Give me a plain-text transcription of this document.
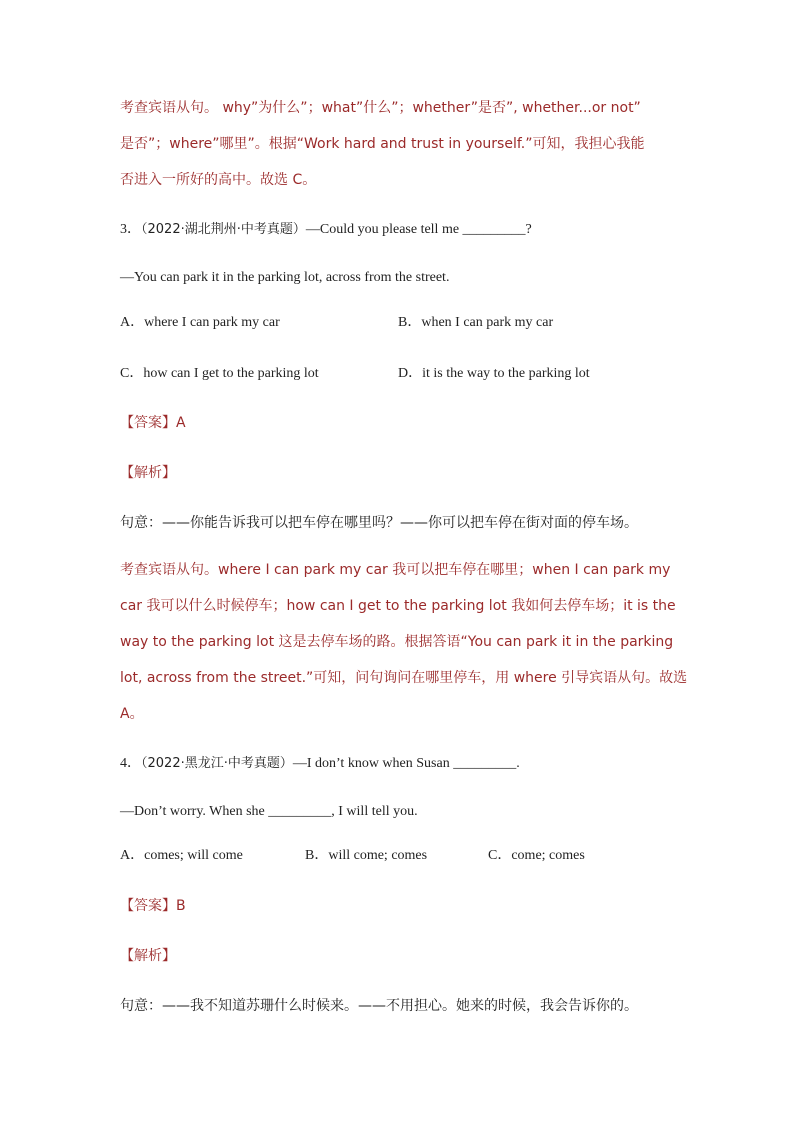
考查宾语从句。 why”为什么”；what”什么”；whether”是否”, whether...or not”

是否”；where”哪里”。根据“Work hard and trust in yourself.”可知，我担心我能

否进入一所好的高中。故选 C。

3．（2022·湖北荆州·中考真题）—Could you please tell me _________?

—You can park it in the parking lot, across from the street.

A．where I can park my car	B．when I can park my car
C．how can I get to the parking lot	D．it is the way to the parking lot

【答案】A

【解析】

句意：——你能告诉我可以把车停在哪里吗？——你可以把车停在街对面的停车场。

考查宾语从句。where I can park my car 我可以把车停在哪里；when I can park my

car 我可以什么时候停车；how can I get to the parking lot 我如何去停车场；it is the

way to the parking lot 这是去停车场的路。根据答语“You can park it in the parking

lot, across from the street.”可知，问句询问在哪里停车，用 where 引导宾语从句。故选

A。

4．（2022·黑龙江·中考真题）—I don’t know when Susan _________.

—Don’t worry. When she _________, I will tell you.

A．comes; will come	B．will come; comes	C．come; comes

【答案】B

【解析】

句意：——我不知道苏珊什么时候来。——不用担心。她来的时候，我会告诉你的。
